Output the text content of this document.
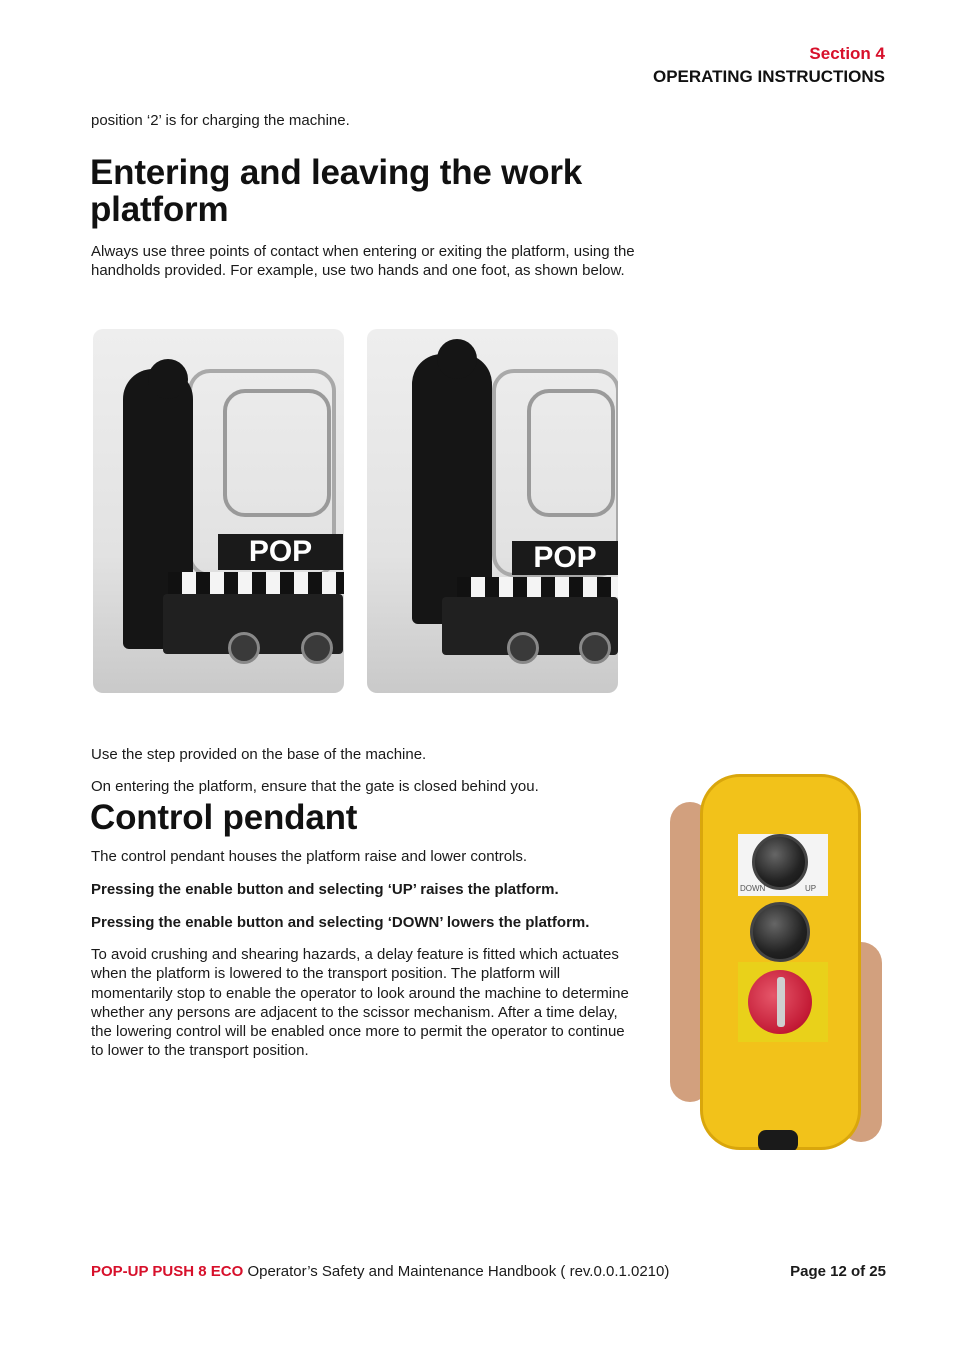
Section 4
OPERATING INSTRUCTIONS
position ‘2’ is for charging the machine.
Entering and leaving the work platform
Always use three points of contact when entering or exiting the platform, using the handholds provided. For example, use two hands and one foot, as shown below.
POP	POP
Use the step provided on the base of the machine.
On entering the platform, ensure that the gate is closed behind you.
Control pendant
The control pendant houses the platform raise and lower controls.
Pressing the enable button and selecting ‘UP’ raises the platform.
Pressing the enable button and selecting ‘DOWN’ lowers the platform.
To avoid crushing and shearing hazards, a delay feature is fitted which actuates when the platform is lowered to the transport position. The platform will momentarily stop to enable the operator to look around the machine to determine whether any persons are adjacent to the scissor mechanism. After a time delay, the lowering control will be enabled once more to permit the operator to continue to lower to the transport position.
DOWN	UP
POP-UP PUSH 8 ECO Operator’s Safety and Maintenance Handbook ( rev.0.0.1.0210)	Page 12 of 25
